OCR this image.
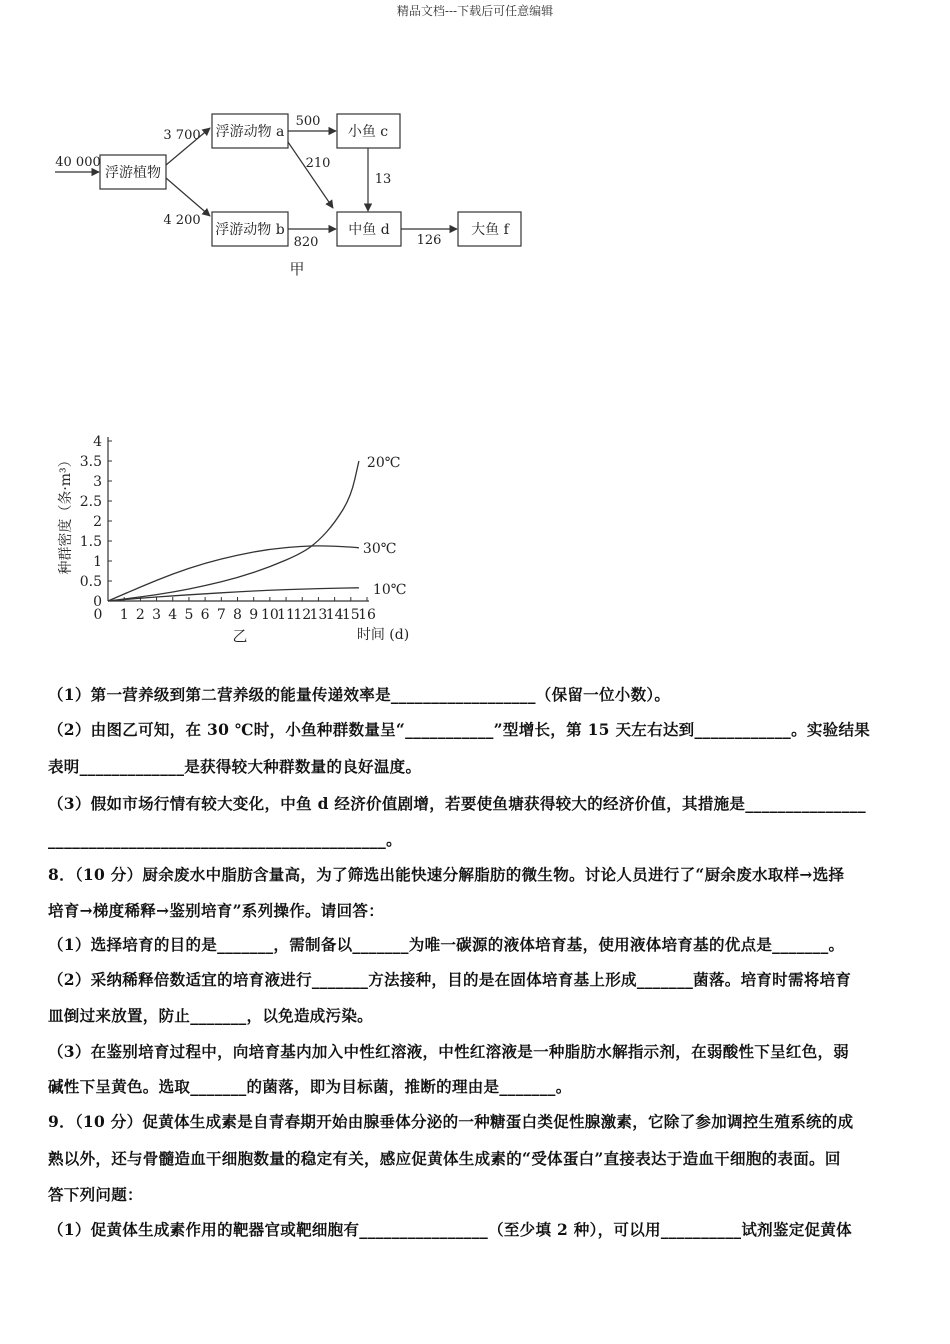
精品文档---下载后可任意编辑
浮游植物
浮游动物 a
浮游动物 b
小鱼 c
中鱼 d	大鱼 f
40 000
3 700
4 200
500
210
13
820	126
甲
0
0.5
1
1.5
2
2.5
3
3.5
4
0 1 2 3 4 5 6 7 8 9 10
11
12
13
14
15
16
20℃
30℃
10℃
种群密度（条·m³）
时间 (d)
乙
（1）第一营养级到第二营养级的能量传递效率是__________________（保留一位小数）。
（2）由图乙可知，在 30 ℃时，小鱼种群数量呈“___________”型增长，第 15 天左右达到____________。实验结果
表明_____________是获得较大种群数量的良好温度。
（3）假如市场行情有较大变化，中鱼 d 经济价值剧增，若要使鱼塘获得较大的经济价值，其措施是_______________
__________________________________________。
8．（10 分）厨余废水中脂肪含量高，为了筛选出能快速分解脂肪的微生物。讨论人员进行了“厨余废水取样→选择
培育→梯度稀释→鉴别培育”系列操作。请回答：
（1）选择培育的目的是_______，需制备以_______为唯一碳源的液体培育基，使用液体培育基的优点是_______。
（2）采纳稀释倍数适宜的培育液进行_______方法接种，目的是在固体培育基上形成_______菌落。培育时需将培育
皿倒过来放置，防止_______，以免造成污染。
（3）在鉴别培育过程中，向培育基内加入中性红溶液，中性红溶液是一种脂肪水解指示剂，在弱酸性下呈红色，弱
碱性下呈黄色。选取_______的菌落，即为目标菌，推断的理由是_______。
9．（10 分）促黄体生成素是自青春期开始由腺垂体分泌的一种糖蛋白类促性腺激素，它除了参加调控生殖系统的成
熟以外，还与骨髓造血干细胞数量的稳定有关，感应促黄体生成素的“受体蛋白”直接表达于造血干细胞的表面。回
答下列问题：
（1）促黄体生成素作用的靶器官或靶细胞有________________（至少填 2 种），可以用__________试剂鉴定促黄体
